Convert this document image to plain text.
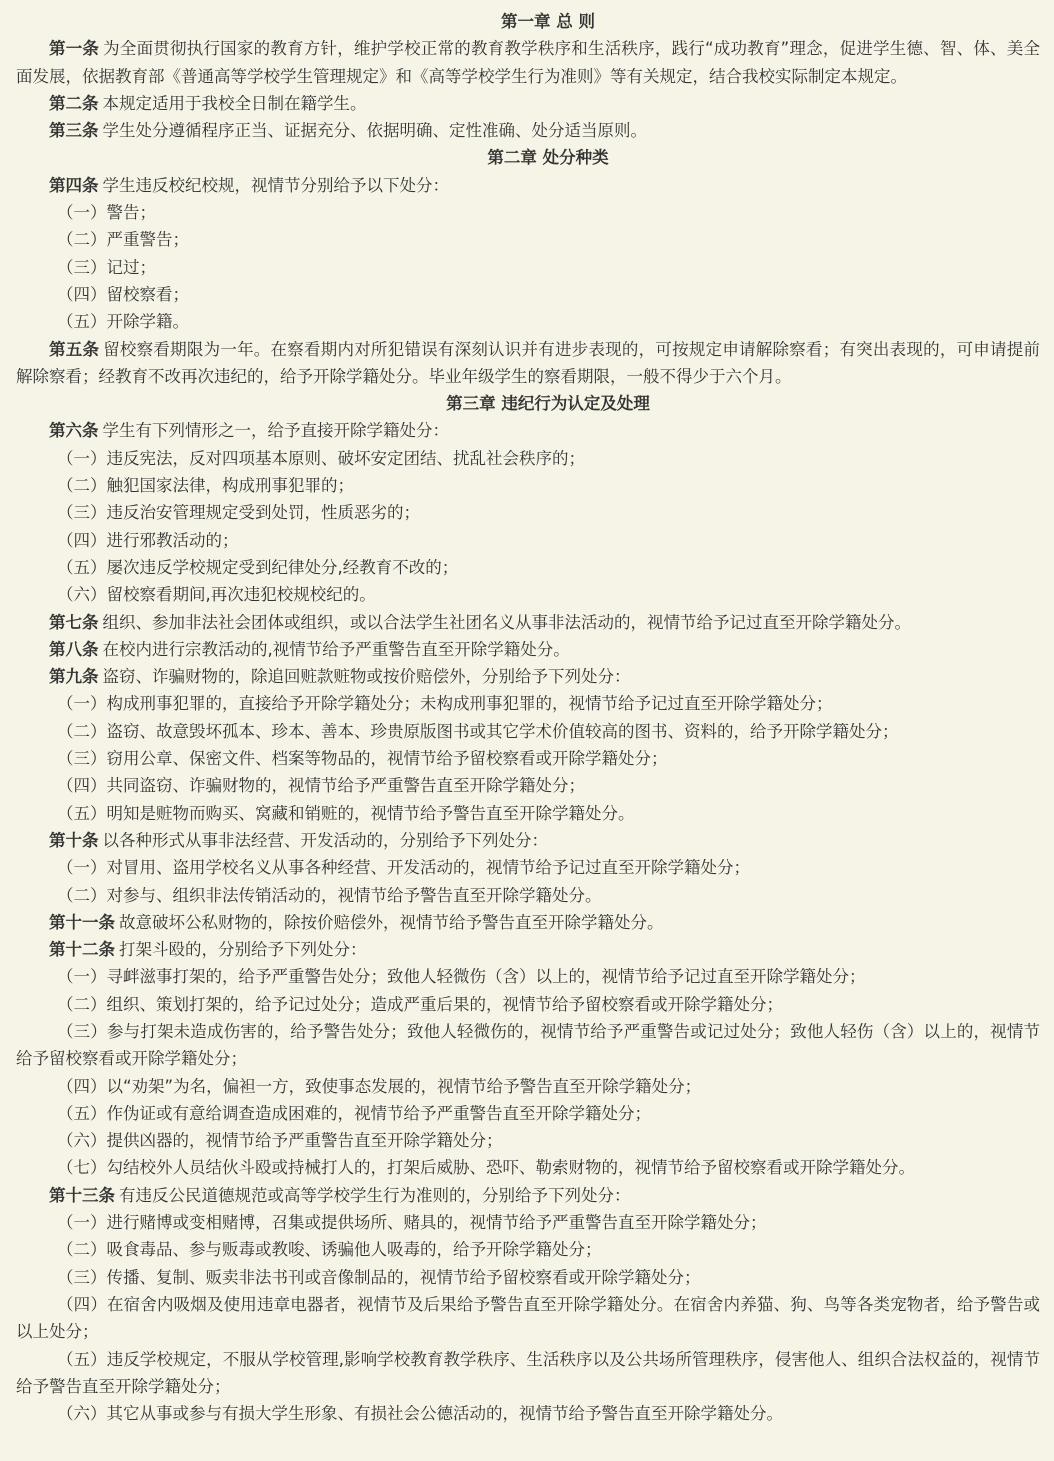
第一章 总 则
第一条 为全面贯彻执行国家的教育方针，维护学校正常的教育教学秩序和生活秩序，践行“成功教育”理念，促进学生德、智、体、美全面发展，依据教育部《普通高等学校学生管理规定》和《高等学校学生行为准则》等有关规定，结合我校实际制定本规定。
第二条 本规定适用于我校全日制在籍学生。
第三条 学生处分遵循程序正当、证据充分、依据明确、定性准确、处分适当原则。
第二章 处分种类
第四条 学生违反校纪校规，视情节分别给予以下处分：
（一）警告；
（二）严重警告；
（三）记过；
（四）留校察看；
（五）开除学籍。
第五条 留校察看期限为一年。在察看期内对所犯错误有深刻认识并有进步表现的，可按规定申请解除察看；有突出表现的，可申请提前解除察看；经教育不改再次违纪的，给予开除学籍处分。毕业年级学生的察看期限，一般不得少于六个月。
第三章 违纪行为认定及处理
第六条 学生有下列情形之一，给予直接开除学籍处分：
（一）违反宪法，反对四项基本原则、破坏安定团结、扰乱社会秩序的；
（二）触犯国家法律，构成刑事犯罪的；
（三）违反治安管理规定受到处罚，性质恶劣的；
（四）进行邪教活动的；
（五）屡次违反学校规定受到纪律处分,经教育不改的；
（六）留校察看期间,再次违犯校规校纪的。
第七条 组织、参加非法社会团体或组织，或以合法学生社团名义从事非法活动的，视情节给予记过直至开除学籍处分。
第八条 在校内进行宗教活动的,视情节给予严重警告直至开除学籍处分。
第九条 盗窃、诈骗财物的，除追回赃款赃物或按价赔偿外，分别给予下列处分：
（一）构成刑事犯罪的，直接给予开除学籍处分；未构成刑事犯罪的，视情节给予记过直至开除学籍处分；
（二）盗窃、故意毁坏孤本、珍本、善本、珍贵原版图书或其它学术价值较高的图书、资料的，给予开除学籍处分；
（三）窃用公章、保密文件、档案等物品的，视情节给予留校察看或开除学籍处分；
（四）共同盗窃、诈骗财物的，视情节给予严重警告直至开除学籍处分；
（五）明知是赃物而购买、窝藏和销赃的，视情节给予警告直至开除学籍处分。
第十条 以各种形式从事非法经营、开发活动的，分别给予下列处分：
（一）对冒用、盗用学校名义从事各种经营、开发活动的，视情节给予记过直至开除学籍处分；
（二）对参与、组织非法传销活动的，视情节给予警告直至开除学籍处分。
第十一条 故意破坏公私财物的，除按价赔偿外，视情节给予警告直至开除学籍处分。
第十二条 打架斗殴的，分别给予下列处分：
（一）寻衅滋事打架的，给予严重警告处分；致他人轻微伤（含）以上的，视情节给予记过直至开除学籍处分；
（二）组织、策划打架的，给予记过处分；造成严重后果的，视情节给予留校察看或开除学籍处分；
（三）参与打架未造成伤害的，给予警告处分；致他人轻微伤的，视情节给予严重警告或记过处分；致他人轻伤（含）以上的，视情节给予留校察看或开除学籍处分；
（四）以“劝架”为名，偏袒一方，致使事态发展的，视情节给予警告直至开除学籍处分；
（五）作伪证或有意给调查造成困难的，视情节给予严重警告直至开除学籍处分；
（六）提供凶器的，视情节给予严重警告直至开除学籍处分；
（七）勾结校外人员结伙斗殴或持械打人的，打架后威胁、恐吓、勒索财物的，视情节给予留校察看或开除学籍处分。
第十三条 有违反公民道德规范或高等学校学生行为准则的，分别给予下列处分：
（一）进行赌博或变相赌博，召集或提供场所、赌具的，视情节给予严重警告直至开除学籍处分；
（二）吸食毒品、参与贩毒或教唆、诱骗他人吸毒的，给予开除学籍处分；
（三）传播、复制、贩卖非法书刊或音像制品的，视情节给予留校察看或开除学籍处分；
（四）在宿舍内吸烟及使用违章电器者，视情节及后果给予警告直至开除学籍处分。在宿舍内养猫、狗、鸟等各类宠物者，给予警告或以上处分；
（五）违反学校规定，不服从学校管理,影响学校教育教学秩序、生活秩序以及公共场所管理秩序，侵害他人、组织合法权益的，视情节给予警告直至开除学籍处分；
（六）其它从事或参与有损大学生形象、有损社会公德活动的，视情节给予警告直至开除学籍处分。
